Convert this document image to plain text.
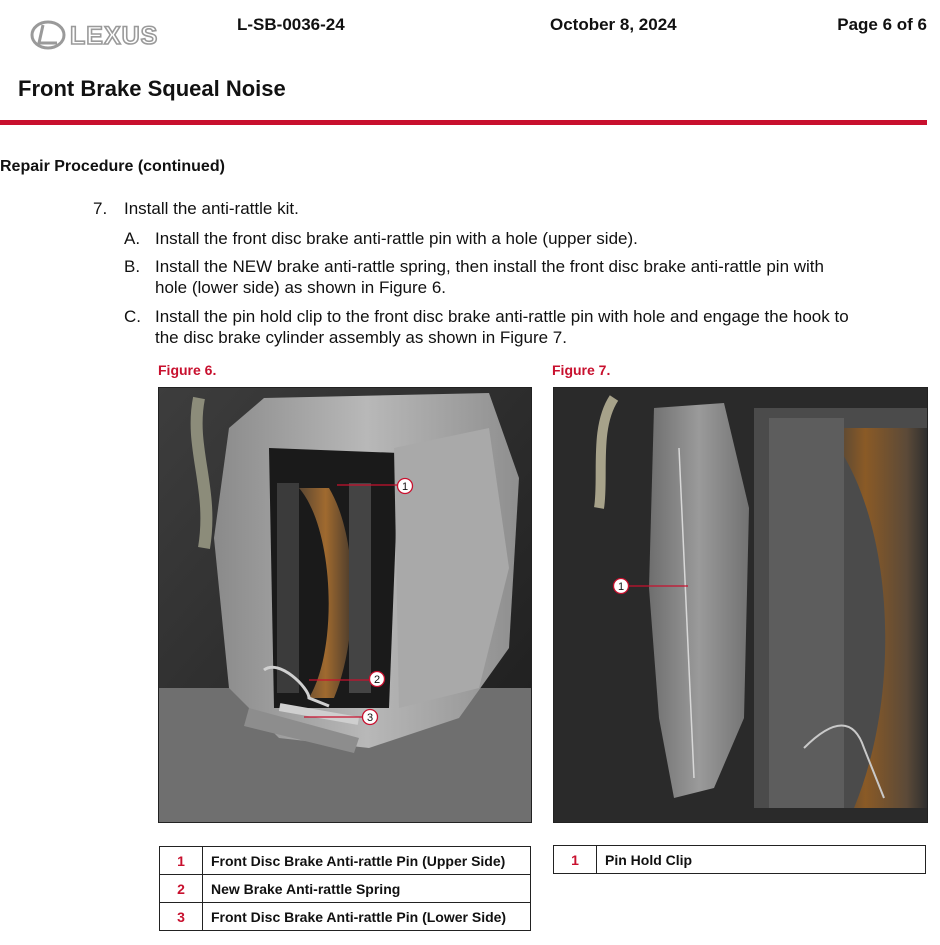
LEXUS	L-SB-0036-24	October 8, 2024	Page 6 of 6
Front Brake Squeal Noise
Repair Procedure (continued)
7. Install the anti-rattle kit.
A. Install the front disc brake anti-rattle pin with a hole (upper side).
B. Install the NEW brake anti-rattle spring, then install the front disc brake anti-rattle pin with
hole (lower side) as shown in Figure 6.
C. Install the pin hold clip to the front disc brake anti-rattle pin with hole and engage the hook to
the disc brake cylinder assembly as shown in Figure 7.
Figure 6.	Figure 7.
1
2
3
1
1	Front Disc Brake Anti-rattle Pin (Upper Side)
2	New Brake Anti-rattle Spring
3	Front Disc Brake Anti-rattle Pin (Lower Side)
1	Pin Hold Clip
